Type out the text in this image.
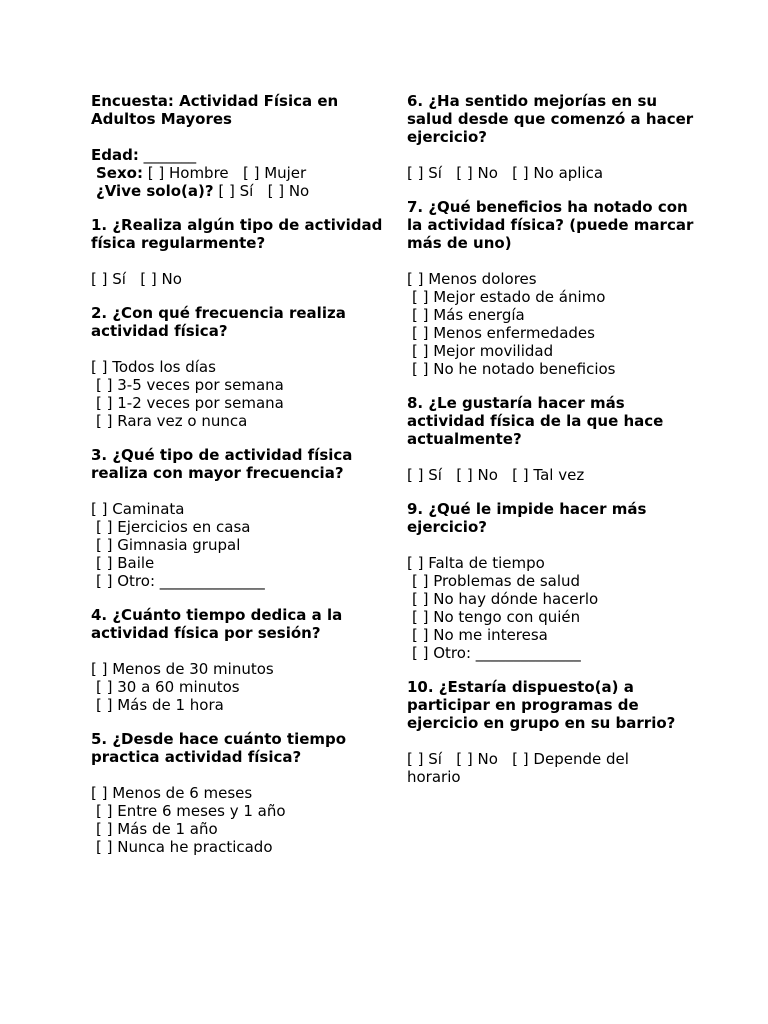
Encuesta: Actividad Física en Adultos Mayores
Edad: _______
Sexo: [ ] Hombre   [ ] Mujer
¿Vive solo(a)? [ ] Sí   [ ] No
1. ¿Realiza algún tipo de actividad física regularmente?
[ ] Sí   [ ] No
2. ¿Con qué frecuencia realiza actividad física?
[ ] Todos los días
[ ] 3-5 veces por semana
[ ] 1-2 veces por semana
[ ] Rara vez o nunca
3. ¿Qué tipo de actividad física realiza con mayor frecuencia?
[ ] Caminata
[ ] Ejercicios en casa
[ ] Gimnasia grupal
[ ] Baile
[ ] Otro: ______________
4. ¿Cuánto tiempo dedica a la actividad física por sesión?
[ ] Menos de 30 minutos
[ ] 30 a 60 minutos
[ ] Más de 1 hora
5. ¿Desde hace cuánto tiempo practica actividad física?
[ ] Menos de 6 meses
[ ] Entre 6 meses y 1 año
[ ] Más de 1 año
[ ] Nunca he practicado
6. ¿Ha sentido mejorías en su salud desde que comenzó a hacer ejercicio?
[ ] Sí   [ ] No   [ ] No aplica
7. ¿Qué beneficios ha notado con la actividad física? (puede marcar más de uno)
[ ] Menos dolores
[ ] Mejor estado de ánimo
[ ] Más energía
[ ] Menos enfermedades
[ ] Mejor movilidad
[ ] No he notado beneficios
8. ¿Le gustaría hacer más actividad física de la que hace actualmente?
[ ] Sí   [ ] No   [ ] Tal vez
9. ¿Qué le impide hacer más ejercicio?
[ ] Falta de tiempo
[ ] Problemas de salud
[ ] No hay dónde hacerlo
[ ] No tengo con quién
[ ] No me interesa
[ ] Otro: ______________
10. ¿Estaría dispuesto(a) a participar en programas de ejercicio en grupo en su barrio?
[ ] Sí   [ ] No   [ ] Depende del horario
